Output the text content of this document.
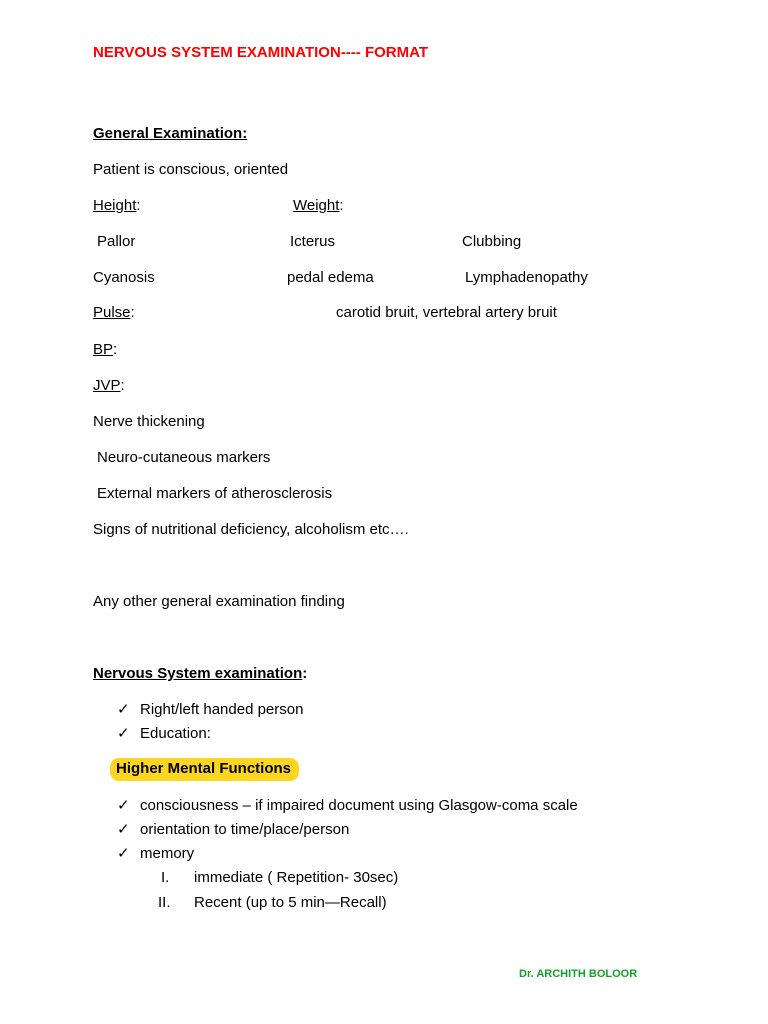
NERVOUS SYSTEM EXAMINATION---- FORMAT
General Examination:
Patient is conscious, oriented
Height:	Weight:
Pallor	Icterus	Clubbing
Cyanosis	pedal edema	Lymphadenopathy
Pulse:	carotid bruit, vertebral artery bruit
BP:
JVP:
Nerve thickening
Neuro-cutaneous markers
External markers of atherosclerosis
Signs of nutritional deficiency, alcoholism etc….
Any other general examination finding
Nervous System examination:
✓ Right/left handed person
✓ Education:
Higher Mental Functions
✓ consciousness – if impaired document using Glasgow-coma scale
✓ orientation to time/place/person
✓ memory
I. immediate ( Repetition- 30sec)
II. Recent (up to 5 min—Recall)
Dr. ARCHITH BOLOOR
